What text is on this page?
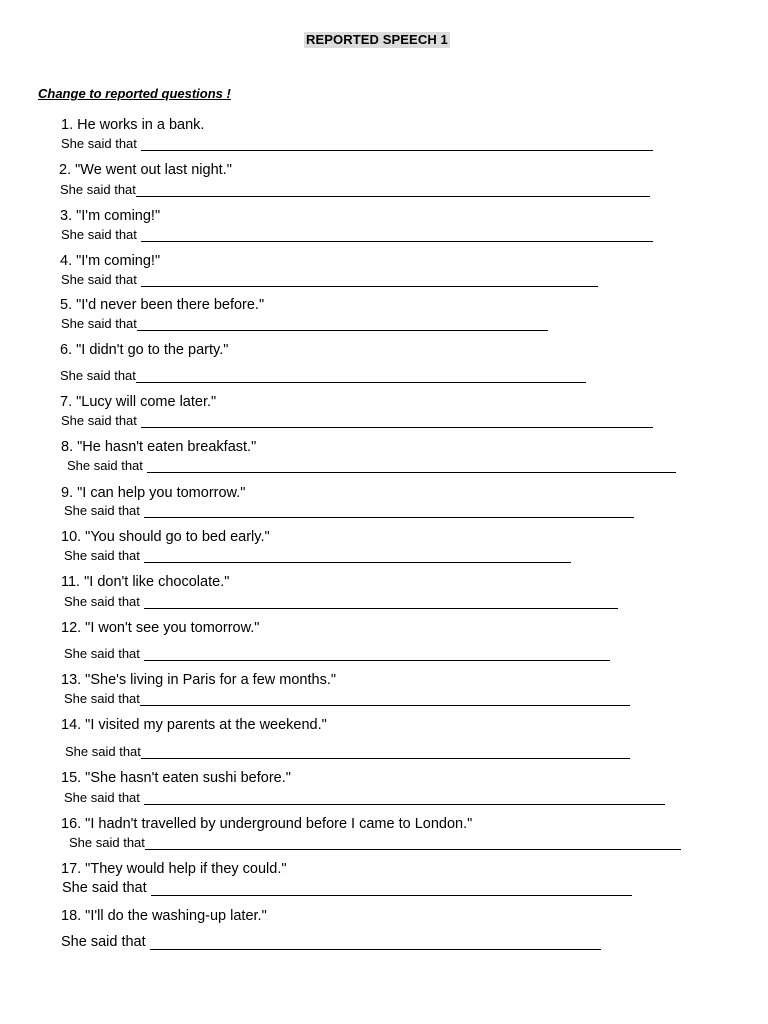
REPORTED SPEECH 1
Change to reported questions !
1. He works in a bank.
She said that
2. "We went out last night."
She said that
3. "I'm coming!"
She said that
4. "I'm coming!"
She said that
5. "I'd never been there before."
She said that
6. "I didn't go to the party."
She said that
7. "Lucy will come later."
She said that
8. "He hasn't eaten breakfast."
She said that
9. "I can help you tomorrow."
She said that
10. "You should go to bed early."
She said that
11. "I don't like chocolate."
She said that
12. "I won't see you tomorrow."
She said that
13. "She's living in Paris for a few months."
She said that
14. "I visited my parents at the weekend."
She said that
15. "She hasn't eaten sushi before."
She said that
16. "I hadn't travelled by underground before I came to London."
She said that
17. "They would help if they could."
She said that
18. "I'll do the washing-up later."
She said that
